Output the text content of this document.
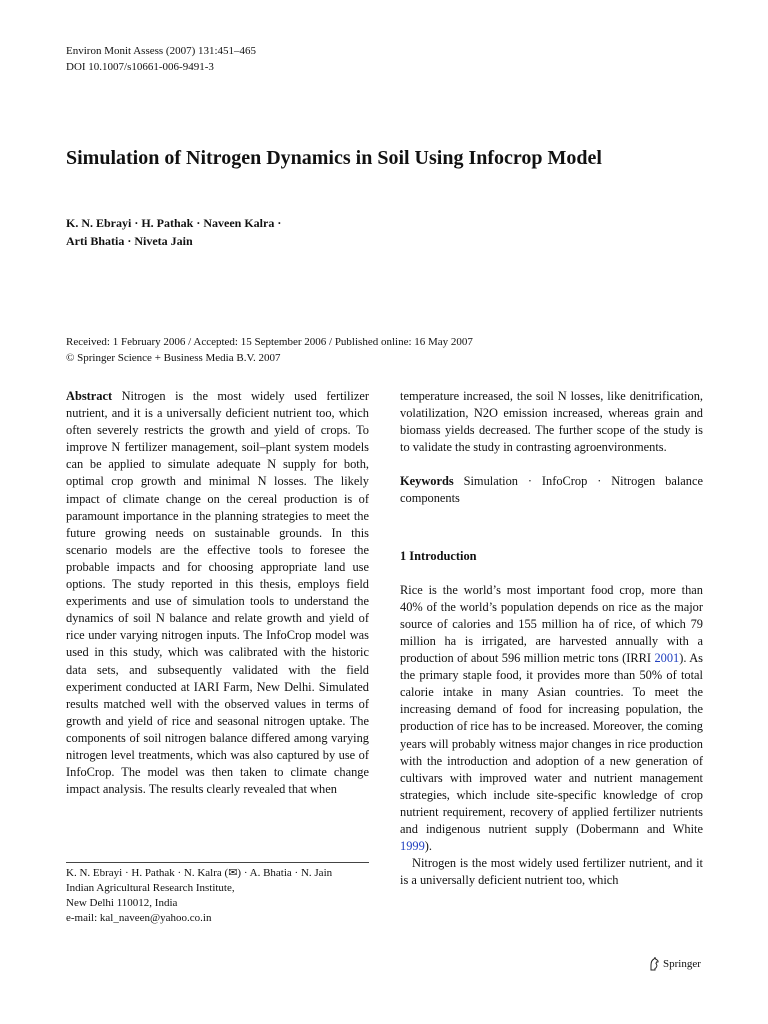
Environ Monit Assess (2007) 131:451–465
DOI 10.1007/s10661-006-9491-3
Simulation of Nitrogen Dynamics in Soil Using Infocrop Model
K. N. Ebrayi · H. Pathak · Naveen Kalra ·
Arti Bhatia · Niveta Jain
Received: 1 February 2006 / Accepted: 15 September 2006 / Published online: 16 May 2007
© Springer Science + Business Media B.V. 2007

Abstract Nitrogen is the most widely used fertilizer nutrient, and it is a universally deficient nutrient too, which often severely restricts the growth and yield of crops. To improve N fertilizer management, soil–plant system models can be applied to simulate adequate N supply for both, optimal crop growth and minimal N losses. The likely impact of climate change on the cereal production is of paramount importance in the planning strategies to meet the future growing needs on sustainable grounds. In this scenario models are the effective tools to foresee the probable impacts and for choosing appropriate land use options. The study reported in this thesis, employs field experiments and use of simulation tools to understand the dynamics of soil N balance and relate growth and yield of rice under varying nitrogen inputs. The InfoCrop model was used in this study, which was calibrated with the historic data sets, and subsequently validated with the field experiment conducted at IARI Farm, New Delhi. Simulated results matched well with the observed values in terms of growth and yield of rice and seasonal nitrogen uptake. The components of soil nitrogen balance differed among varying nitrogen level treatments, which was also captured by use of InfoCrop. The model was then taken to climate change impact analysis. The results clearly revealed that when

temperature increased, the soil N losses, like denitrification, volatilization, N2O emission increased, whereas grain and biomass yields decreased. The further scope of the study is to validate the study in contrasting agroenvironments.

Keywords Simulation · InfoCrop · Nitrogen balance components

1 Introduction

Rice is the world’s most important food crop, more than 40% of the world’s population depends on rice as the major source of calories and 155 million ha of rice, of which 79 million ha is irrigated, are harvested annually with a production of about 596 million metric tons (IRRI 2001). As the primary staple food, it provides more than 50% of total calorie intake in many Asian countries. To meet the increasing demand of food for increasing population, the production of rice has to be increased. Moreover, the coming years will probably witness major changes in rice production with the introduction and adoption of a new generation of cultivars with improved water and nutrient management strategies, which include site-specific knowledge of crop nutrient requirement, recovery of applied fertilizer nutrients and indigenous nutrient supply (Dobermann and White 1999).

Nitrogen is the most widely used fertilizer nutrient, and it is a universally deficient nutrient too, which

K. N. Ebrayi · H. Pathak · N. Kalra (✉) · A. Bhatia · N. Jain
Indian Agricultural Research Institute,
New Delhi 110012, India
e-mail: kal_naveen@yahoo.co.in
Springer
